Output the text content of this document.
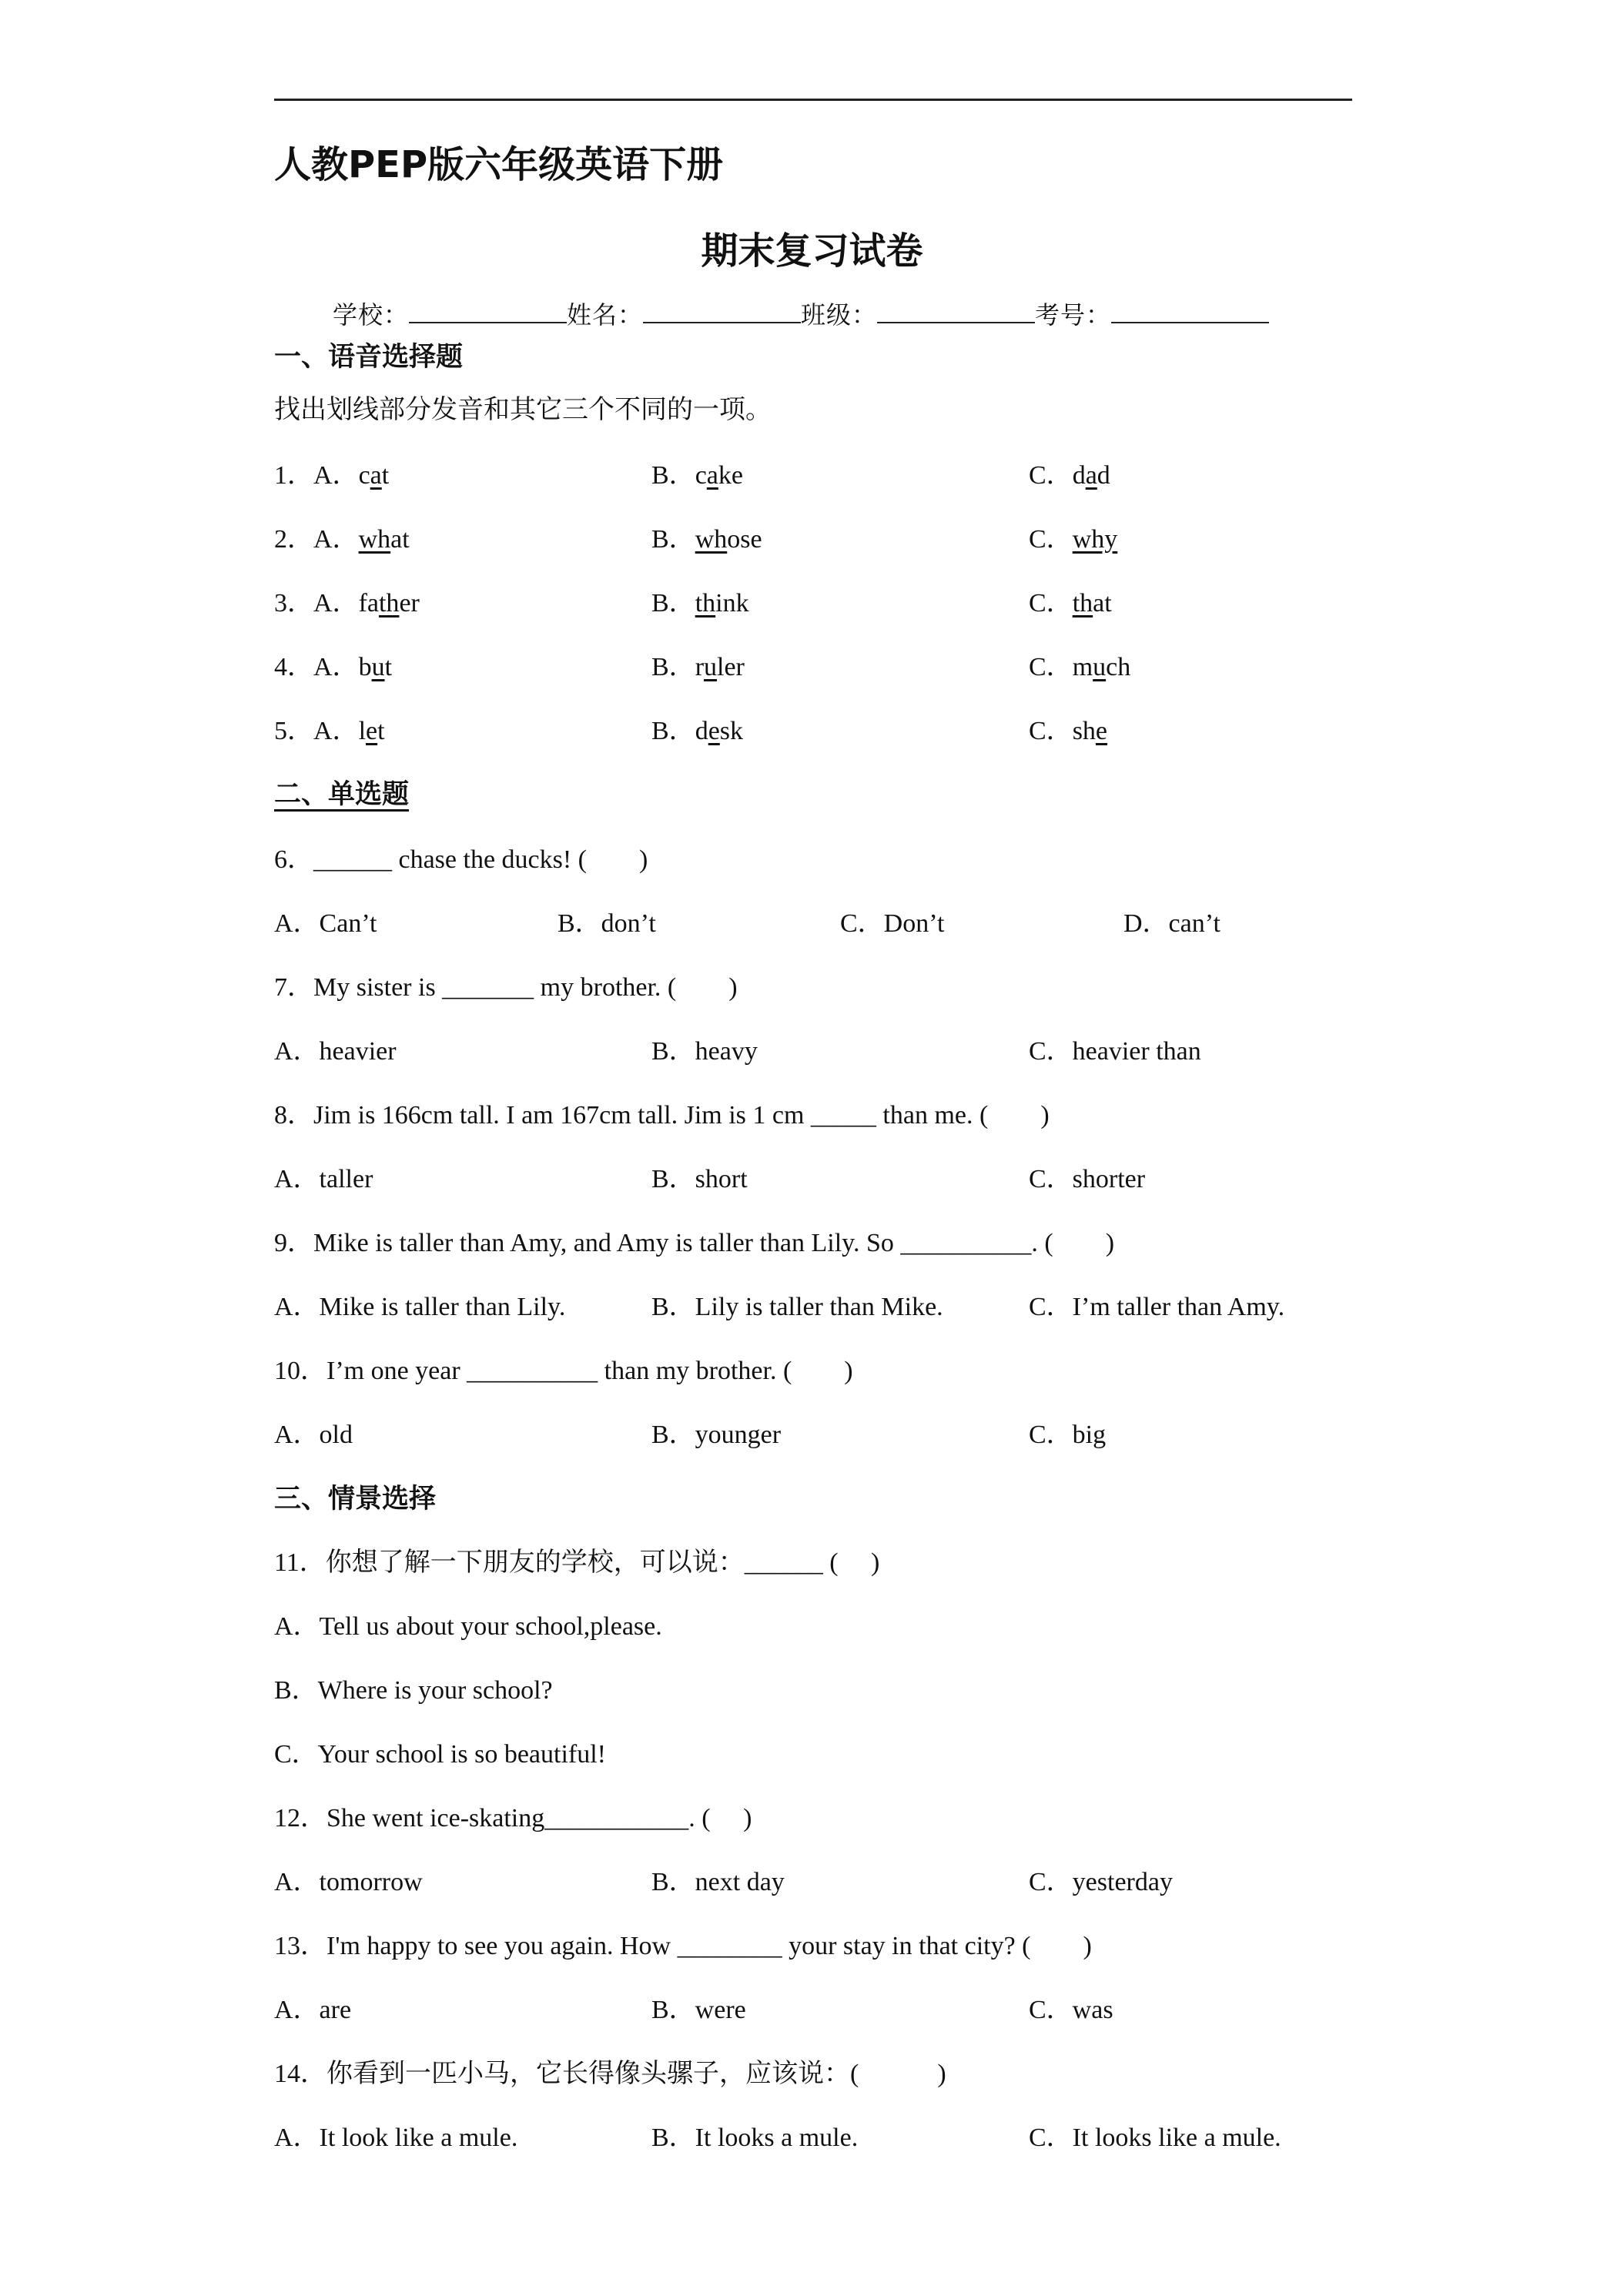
人教PEP版六年级英语下册
期末复习试卷
学校：	姓名：	班级：	考号：
一、语音选择题
找出划线部分发音和其它三个不同的一项。
1．A．cat	B．cake	C．dad
2．A．what	B．whose	C．why
3．A．father	B．think	C．that
4．A．but	B．ruler	C．much
5．A．let	B．desk	C．she
二、单选题
6．______ chase the ducks! (　　)
A．Can’t	B．don’t	C．Don’t	D．can’t
7．My sister is _______ my brother. (　　)
A．heavier	B．heavy	C．heavier than
8．Jim is 166cm tall. I am 167cm tall. Jim is 1 cm _____ than me. (　　)
A．taller	B．short	C．shorter
9．Mike is taller than Amy, and Amy is taller than Lily. So __________. (　　)
A．Mike is taller than Lily.	B．Lily is taller than Mike.	C．I’m taller than Amy.
10．I’m one year __________ than my brother. (　　)
A．old	B．younger	C．big
三、情景选择
11．你想了解一下朋友的学校，可以说：______ (　 )
A．Tell us about your school,please.
B．Where is your school?
C．Your school is so beautiful!
12．She went ice-skating___________. (　 )
A．tomorrow	B．next day	C．yesterday
13．I'm happy to see you again. How ________ your stay in that city? (　　)
A．are	B．were	C．was
14．你看到一匹小马，它长得像头骡子，应该说：(　　　)
A．It look like a mule.	B．It looks a mule.	C．It looks like a mule.
